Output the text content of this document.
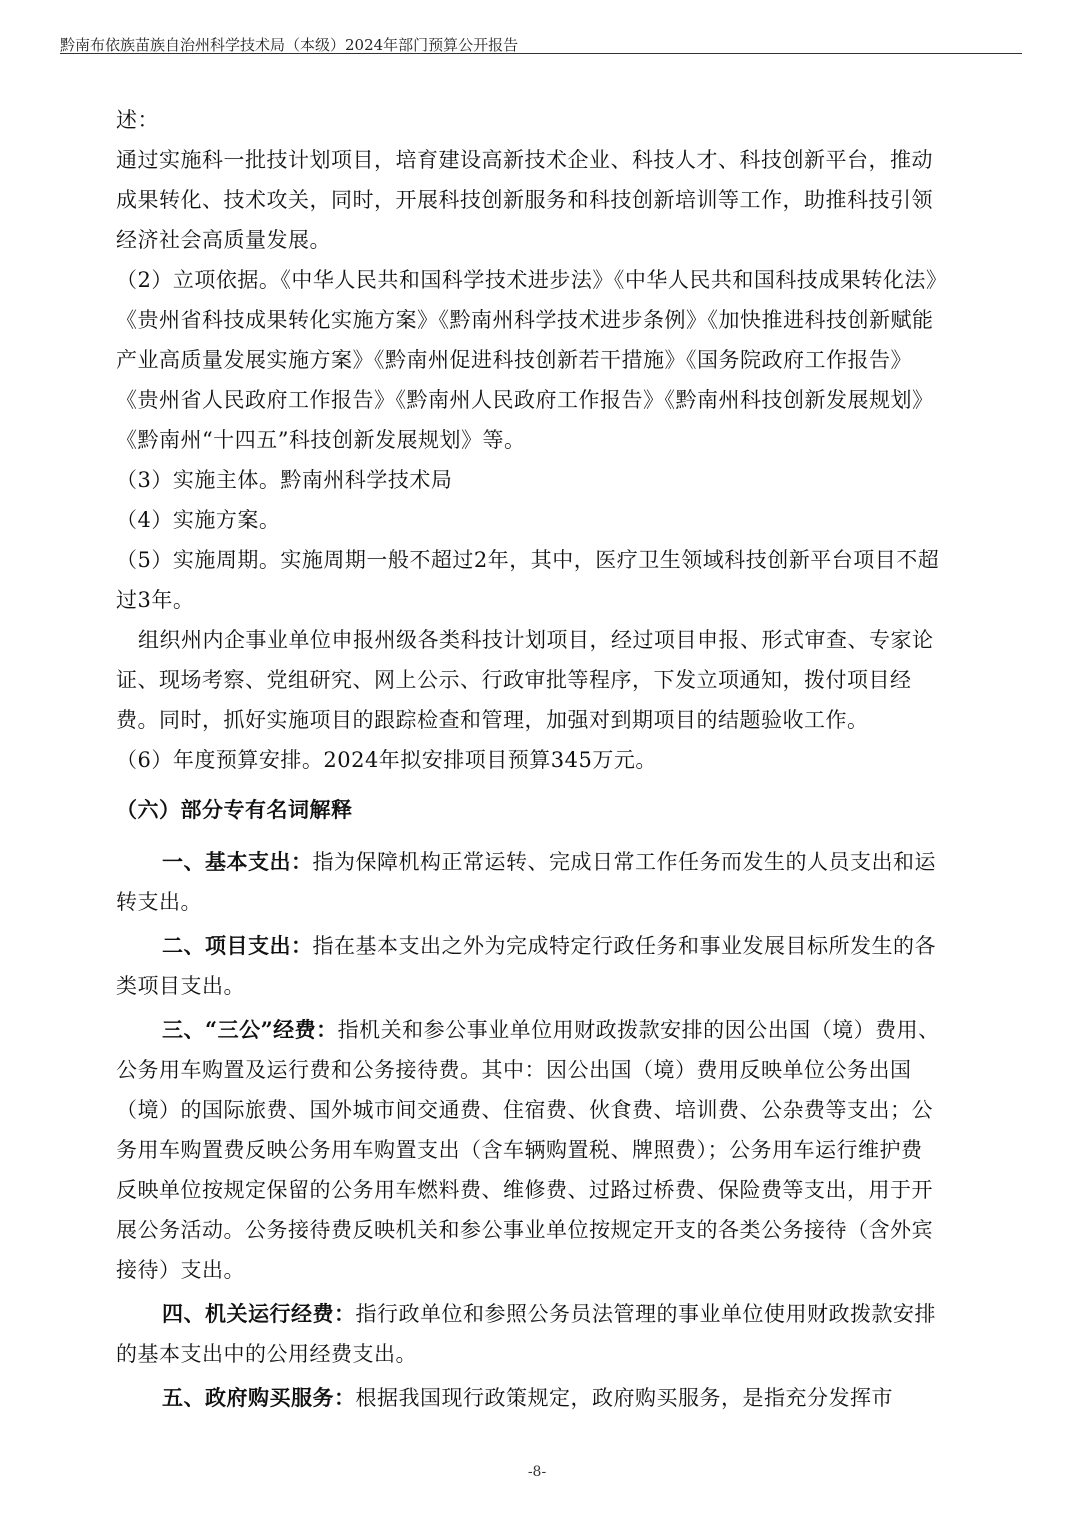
黔南布依族苗族自治州科学技术局（本级）2024年部门预算公开报告

述：

通过实施科一批技计划项目，培育建设高新技术企业、科技人才、科技创新平台，推动成果转化、技术攻关，同时，开展科技创新服务和科技创新培训等工作，助推科技引领经济社会高质量发展。

（2）立项依据。《中华人民共和国科学技术进步法》《中华人民共和国科技成果转化法》《贵州省科技成果转化实施方案》《黔南州科学技术进步条例》《加快推进科技创新赋能产业高质量发展实施方案》《黔南州促进科技创新若干措施》《国务院政府工作报告》《贵州省人民政府工作报告》《黔南州人民政府工作报告》《黔南州科技创新发展规划》《黔南州“十四五”科技创新发展规划》等。

（3）实施主体。黔南州科学技术局

（4）实施方案。

（5）实施周期。实施周期一般不超过2年，其中，医疗卫生领域科技创新平台项目不超过3年。

组织州内企事业单位申报州级各类科技计划项目，经过项目申报、形式审查、专家论证、现场考察、党组研究、网上公示、行政审批等程序，下发立项通知，拨付项目经费。同时，抓好实施项目的跟踪检查和管理，加强对到期项目的结题验收工作。

（6）年度预算安排。2024年拟安排项目预算345万元。

（六）部分专有名词解释

一、基本支出：指为保障机构正常运转、完成日常工作任务而发生的人员支出和运转支出。

二、项目支出：指在基本支出之外为完成特定行政任务和事业发展目标所发生的各类项目支出。

三、“三公”经费：指机关和参公事业单位用财政拨款安排的因公出国（境）费用、公务用车购置及运行费和公务接待费。其中：因公出国（境）费用反映单位公务出国（境）的国际旅费、国外城市间交通费、住宿费、伙食费、培训费、公杂费等支出；公务用车购置费反映公务用车购置支出（含车辆购置税、牌照费）；公务用车运行维护费反映单位按规定保留的公务用车燃料费、维修费、过路过桥费、保险费等支出，用于开展公务活动。公务接待费反映机关和参公事业单位按规定开支的各类公务接待（含外宾接待）支出。

四、机关运行经费：指行政单位和参照公务员法管理的事业单位使用财政拨款安排的基本支出中的公用经费支出。

五、政府购买服务：根据我国现行政策规定，政府购买服务，是指充分发挥市

-8-
